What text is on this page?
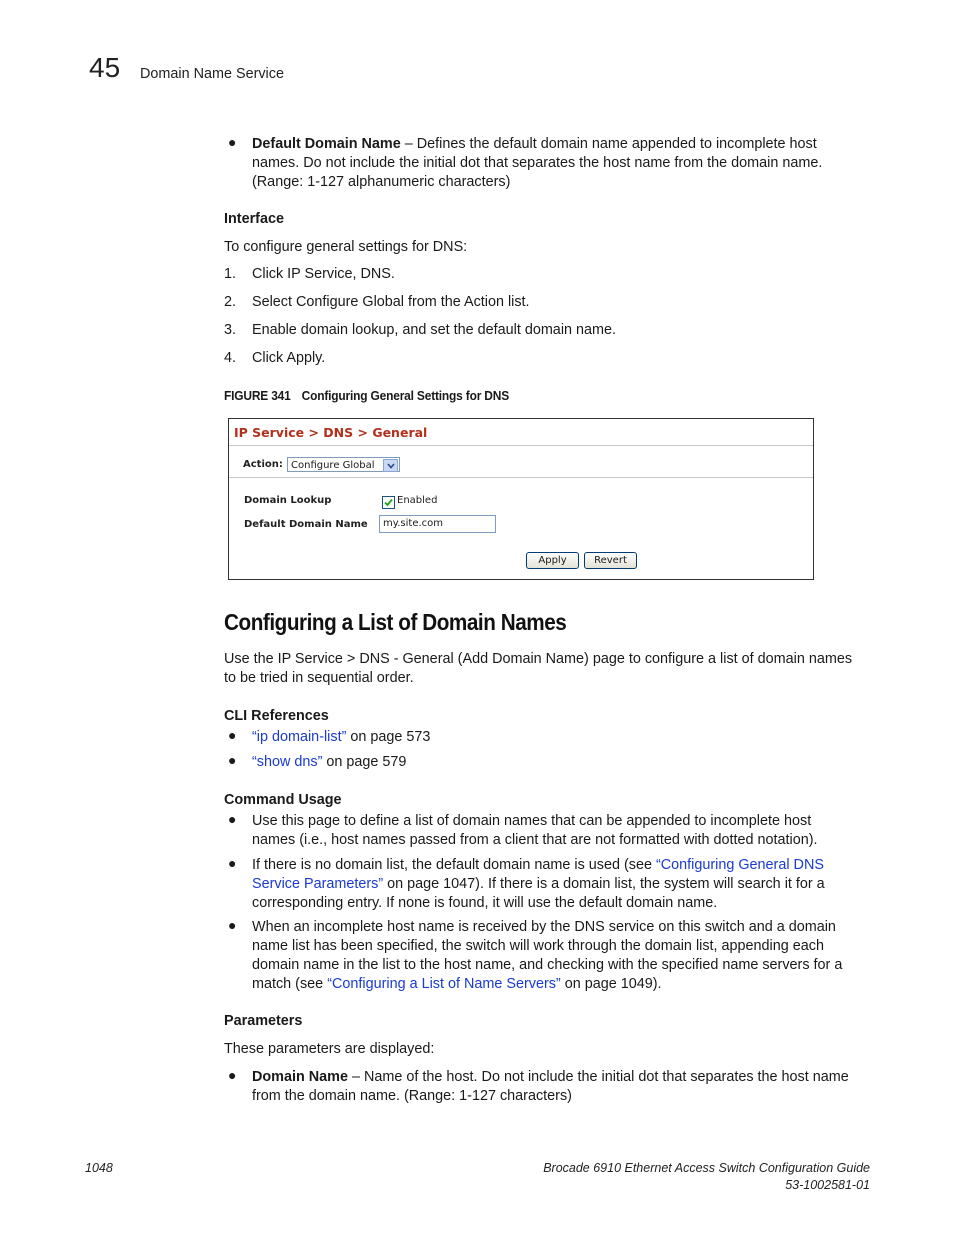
45 Domain Name Service
● Default Domain Name – Defines the default domain name appended to incomplete host
names. Do not include the initial dot that separates the host name from the domain name.
(Range: 1-127 alphanumeric characters)
Interface
To configure general settings for DNS:
1. Click IP Service, DNS.
2. Select Configure Global from the Action list.
3. Enable domain lookup, and set the default domain name.
4. Click Apply.
FIGURE 341 Configuring General Settings for DNS
IP Service > DNS > General
Action: Configure Global
Domain Lookup	Enabled
Default Domain Name	my.site.com
Apply	Revert
Configuring a List of Domain Names
Use the IP Service > DNS - General (Add Domain Name) page to configure a list of domain names
to be tried in sequential order.
CLI References
● “ip domain-list” on page 573
● “show dns” on page 579
Command Usage
● Use this page to define a list of domain names that can be appended to incomplete host
names (i.e., host names passed from a client that are not formatted with dotted notation).
● If there is no domain list, the default domain name is used (see “Configuring General DNS
Service Parameters” on page 1047). If there is a domain list, the system will search it for a
corresponding entry. If none is found, it will use the default domain name.
● When an incomplete host name is received by the DNS service on this switch and a domain
name list has been specified, the switch will work through the domain list, appending each
domain name in the list to the host name, and checking with the specified name servers for a
match (see “Configuring a List of Name Servers” on page 1049).
Parameters
These parameters are displayed:
● Domain Name – Name of the host. Do not include the initial dot that separates the host name
from the domain name. (Range: 1-127 characters)
1048	Brocade 6910 Ethernet Access Switch Configuration Guide
53-1002581-01
